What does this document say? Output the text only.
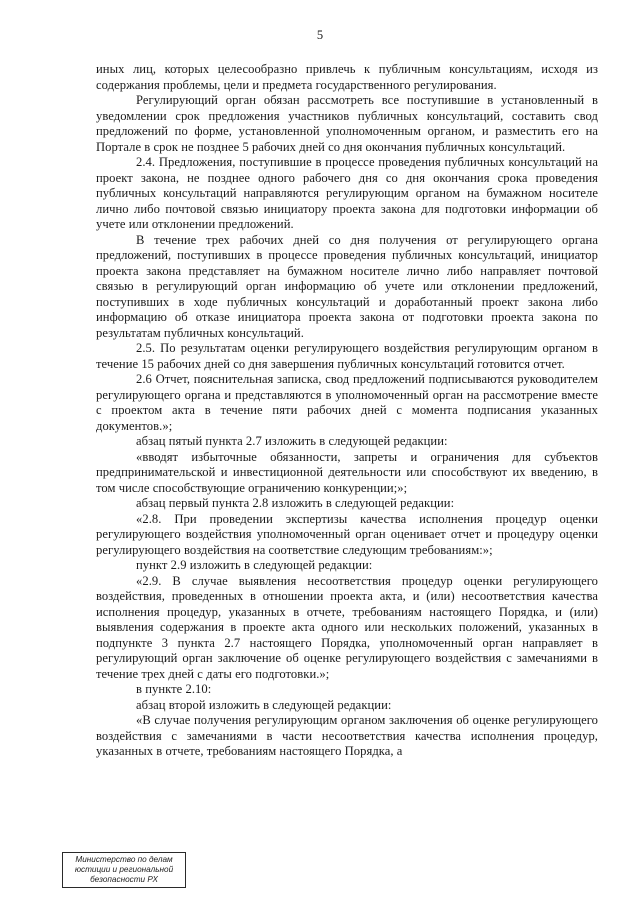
5

иных лиц, которых целесообразно привлечь к публичным консультациям, исходя из содержания проблемы, цели и предмета государственного регулирования.

Регулирующий орган обязан рассмотреть все поступившие в установленный в уведомлении срок предложения участников публичных консультаций, составить свод предложений по форме, установленной уполномоченным органом, и разместить его на Портале в срок не позднее 5 рабочих дней со дня окончания публичных консультаций.

2.4. Предложения, поступившие в процессе проведения публичных консультаций на проект закона, не позднее одного рабочего дня со дня окончания срока проведения публичных консультаций направляются регулирующим органом на бумажном носителе лично либо почтовой связью инициатору проекта закона для подготовки информации об учете или отклонении предложений.

В течение трех рабочих дней со дня получения от регулирующего органа предложений, поступивших в процессе проведения публичных консультаций, инициатор проекта закона представляет на бумажном носителе лично либо направляет почтовой связью в регулирующий орган информацию об учете или отклонении предложений, поступивших в ходе публичных консультаций и доработанный проект закона либо информацию об отказе инициатора проекта закона от подготовки проекта закона по результатам публичных консультаций.

2.5. По результатам оценки регулирующего воздействия регулирующим органом в течение 15 рабочих дней со дня завершения публичных консультаций готовится отчет.

2.6 Отчет, пояснительная записка, свод предложений подписываются руководителем регулирующего органа и представляются в уполномоченный орган на рассмотрение вместе с проектом акта в течение пяти рабочих дней с момента подписания указанных документов.»;

абзац пятый пункта 2.7 изложить в следующей редакции:

«вводят избыточные обязанности, запреты и ограничения для субъектов предпринимательской и инвестиционной деятельности или способствуют их введению, в том числе способствующие ограничению конкуренции;»;

абзац первый пункта 2.8 изложить в следующей редакции:

«2.8. При проведении экспертизы качества исполнения процедур оценки регулирующего воздействия уполномоченный орган оценивает отчет и процедуру оценки регулирующего воздействия на соответствие следующим требованиям:»;

пункт 2.9 изложить в следующей редакции:

«2.9. В случае выявления несоответствия процедур оценки регулирующего воздействия, проведенных в отношении проекта акта, и (или) несоответствия качества исполнения процедур, указанных в отчете, требованиям настоящего Порядка, и (или) выявления содержания в проекте акта одного или нескольких положений, указанных в подпункте 3 пункта 2.7 настоящего Порядка, уполномоченный орган направляет в регулирующий орган заключение об оценке регулирующего воздействия с замечаниями в течение трех дней с даты его подготовки.»;

в пункте 2.10:

абзац второй изложить в следующей редакции:

«В случае получения регулирующим органом заключения об оценке регулирующего воздействия с замечаниями в части несоответствия качества исполнения процедур, указанных в отчете, требованиям настоящего Порядка, а

Министерство по делам
юстиции и региональной
безопасности РХ
